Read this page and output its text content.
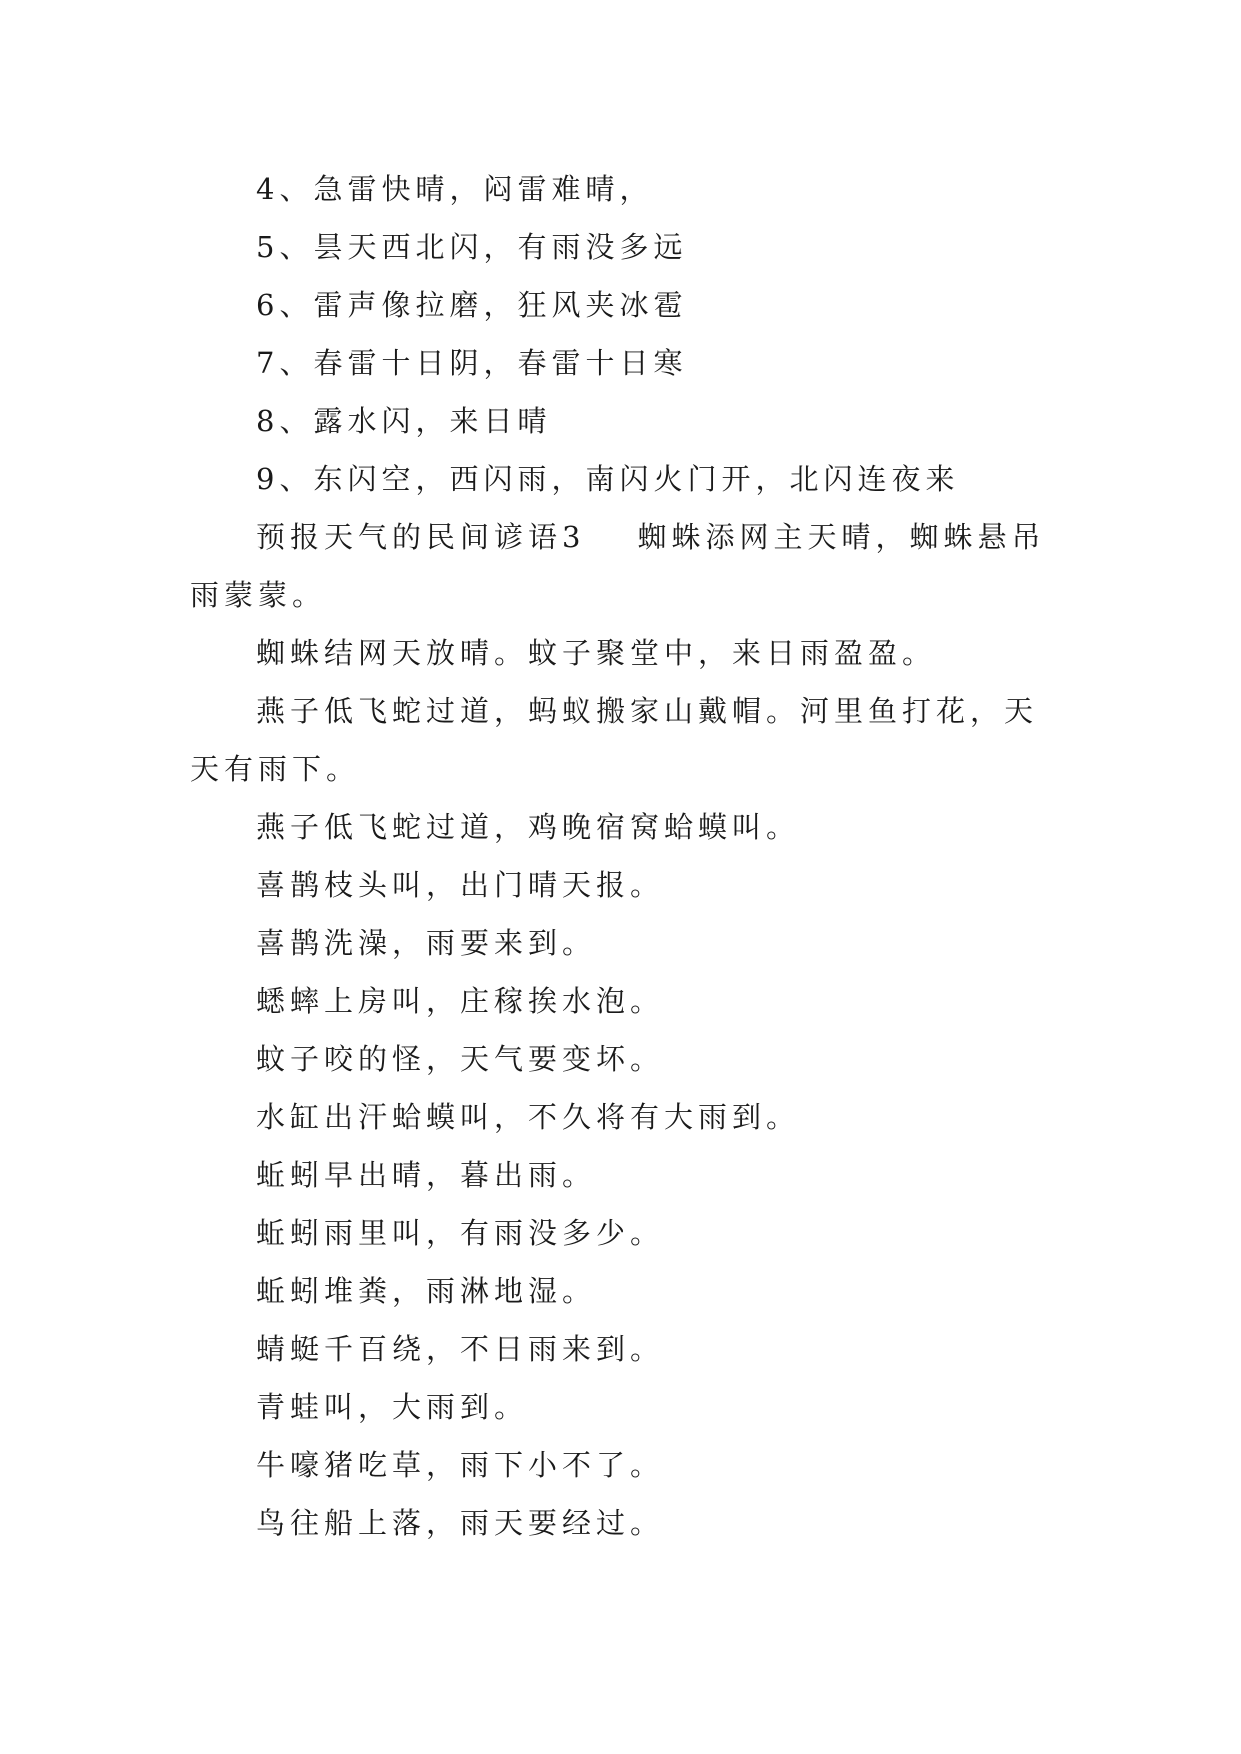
4、急雷快晴，闷雷难晴，

5、昙天西北闪，有雨没多远

6、雷声像拉磨，狂风夹冰雹

7、春雷十日阴，春雷十日寒

8、露水闪，来日晴

9、东闪空，西闪雨，南闪火门开，北闪连夜来

预报天气的民间谚语3 蜘蛛添网主天晴，蜘蛛悬吊雨蒙蒙。

蜘蛛结网天放晴。蚊子聚堂中，来日雨盈盈。

燕子低飞蛇过道，蚂蚁搬家山戴帽。河里鱼打花，天天有雨下。

燕子低飞蛇过道，鸡晚宿窝蛤蟆叫。

喜鹊枝头叫，出门晴天报。

喜鹊洗澡，雨要来到。

蟋蟀上房叫，庄稼挨水泡。

蚊子咬的怪，天气要变坏。

水缸出汗蛤蟆叫，不久将有大雨到。

蚯蚓早出晴，暮出雨。

蚯蚓雨里叫，有雨没多少。

蚯蚓堆粪，雨淋地湿。

蜻蜓千百绕，不日雨来到。

青蛙叫，大雨到。

牛嚎猪吃草，雨下小不了。

鸟往船上落，雨天要经过。
